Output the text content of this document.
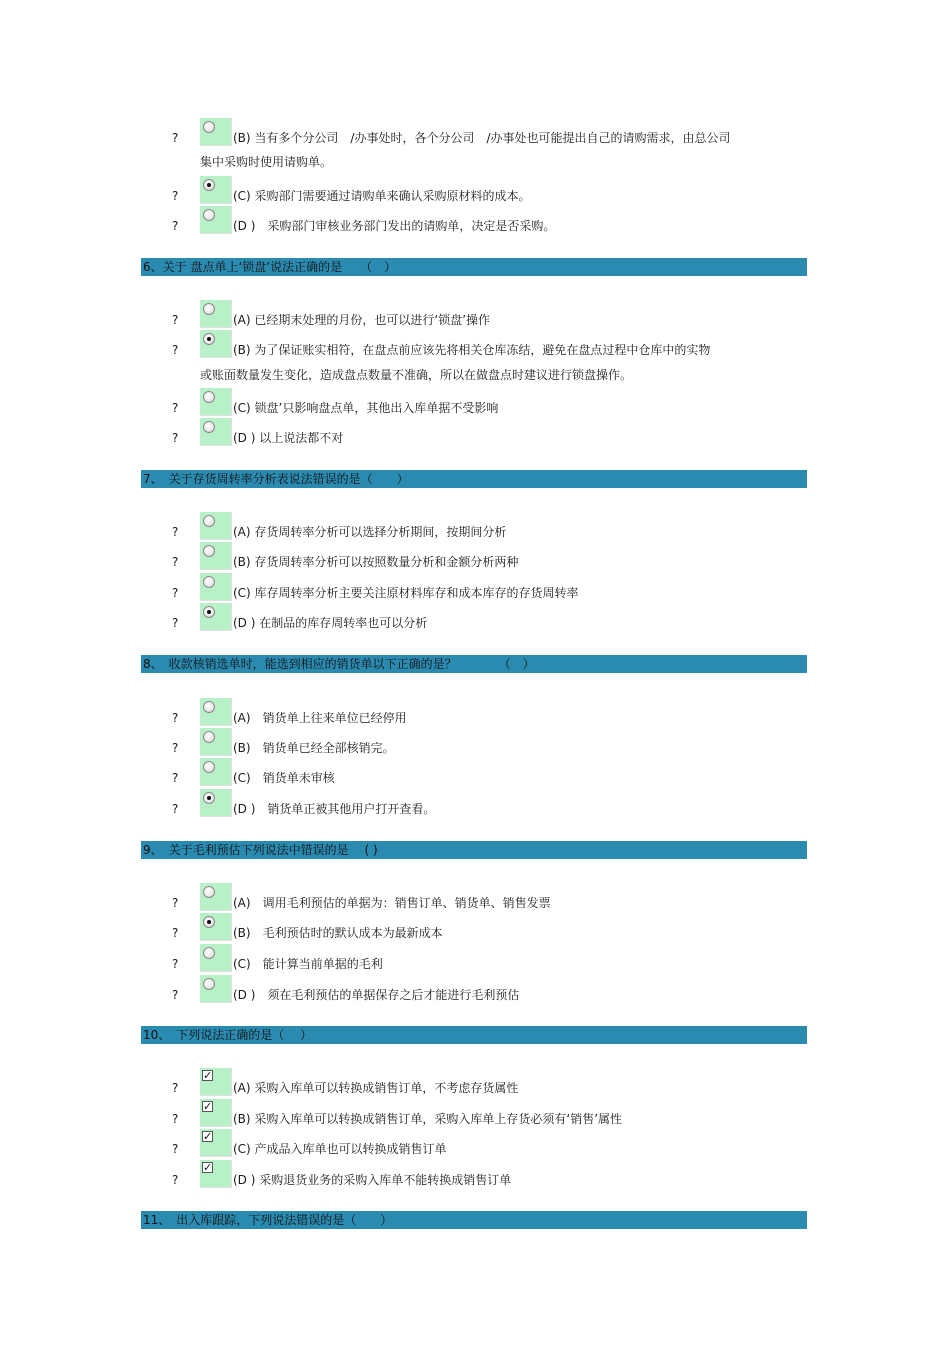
?	(B) 当有多个分公司　/办事处时，各个分公司　/办事处也可能提出自己的请购需求，由总公司
集中采购时使用请购单。
?	(C) 采购部门需要通过请购单来确认采购原材料的成本。
?	(D )　采购部门审核业务部门发出的请购单，决定是否采购。
6、关于 盘点单上‘锁盘’说法正确的是　　（　）
?	(A) 已经期末处理的月份，也可以进行‘锁盘’操作
?	(B) 为了保证账实相符，在盘点前应该先将相关仓库冻结，避免在盘点过程中仓库中的实物
或账面数量发生变化，造成盘点数量不准确，所以在做盘点时建议进行锁盘操作。
?	(C) 锁盘’只影响盘点单，其他出入库单据不受影响
?	(D ) 以上说法都不对
7、　关于存货周转率分析表说法错误的是（　　）
?	(A) 存货周转率分析可以选择分析期间，按期间分析
?	(B) 存货周转率分析可以按照数量分析和金额分析两种
?	(C) 库存周转率分析主要关注原材料库存和成本库存的存货周转率
?	(D ) 在制品的库存周转率也可以分析
8、　收款核销选单时，能选到相应的销货单以下正确的是？　　　　（　）
?	(A)　销货单上往来单位已经停用
?	(B)　销货单已经全部核销完。
?	(C)　销货单未审核
?	(D )　销货单正被其他用户打开查看。
9、　关于毛利预估下列说法中错误的是　 ( )
?	(A)　调用毛利预估的单据为：销售订单、销货单、销售发票
?	(B)　毛利预估时的默认成本为最新成本
?	(C)　能计算当前单据的毛利
?	(D )　须在毛利预估的单据保存之后才能进行毛利预估
10、　下列说法正确的是（　 ）
?
✓
(A) 采购入库单可以转换成销售订单，不考虑存货属性
?
✓
(B) 采购入库单可以转换成销售订单，采购入库单上存货必须有‘销售’属性
?
✓
(C) 产成品入库单也可以转换成销售订单
?
✓
(D ) 采购退货业务的采购入库单不能转换成销售订单
11、　出入库跟踪，下列说法错误的是（　　）
